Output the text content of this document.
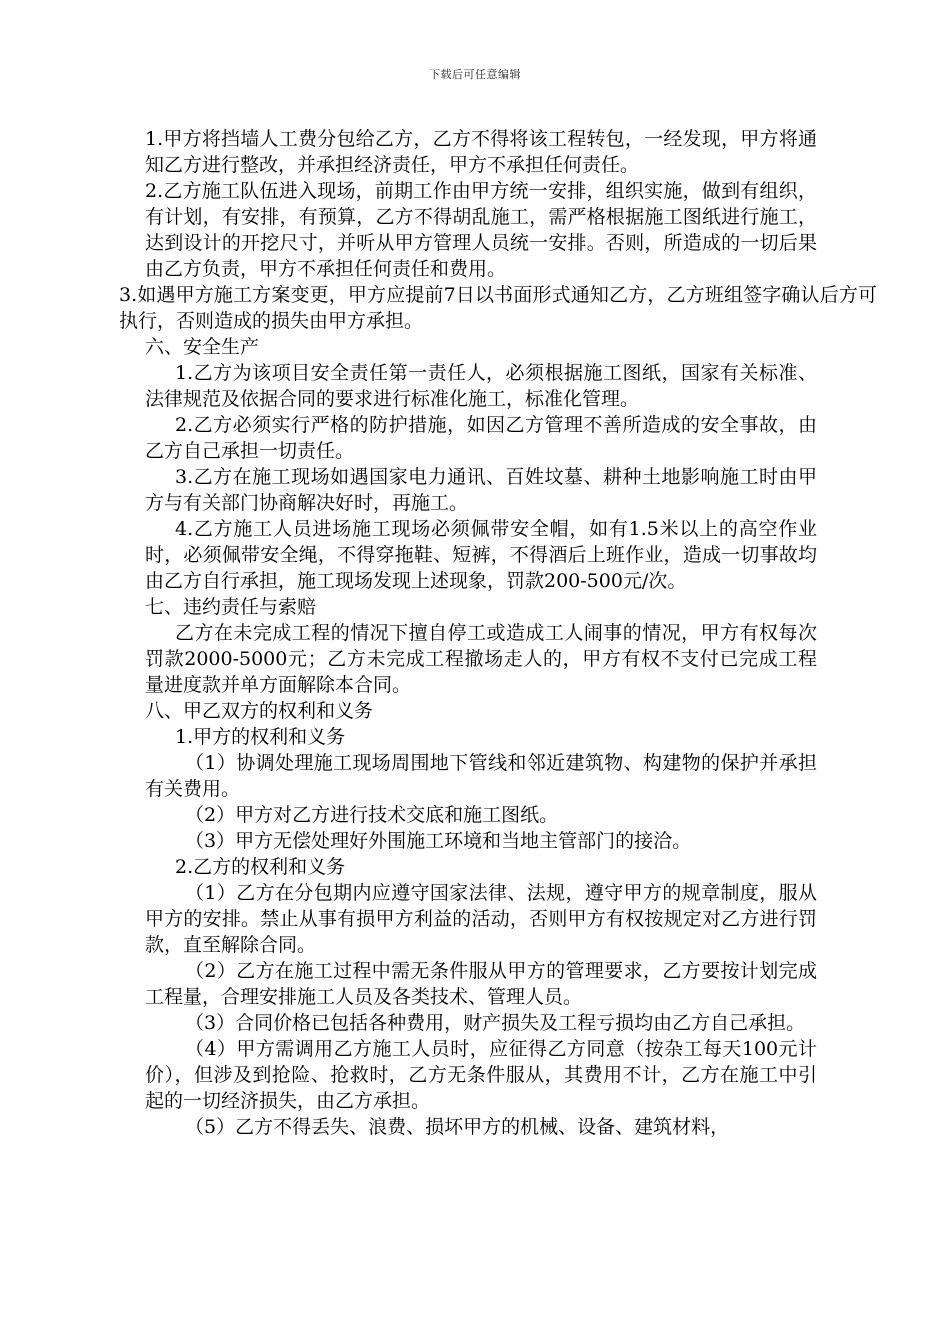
下载后可任意编辑

1.甲方将挡墙人工费分包给乙方，乙方不得将该工程转包，一经发现，甲方将通知乙方进行整改，并承担经济责任，甲方不承担任何责任。

2.乙方施工队伍进入现场，前期工作由甲方统一安排，组织实施，做到有组织，有计划，有安排，有预算，乙方不得胡乱施工，需严格根据施工图纸进行施工，达到设计的开挖尺寸，并听从甲方管理人员统一安排。否则，所造成的一切后果由乙方负责，甲方不承担任何责任和费用。

3.如遇甲方施工方案变更，甲方应提前7日以书面形式通知乙方，乙方班组签字确认后方可执行，否则造成的损失由甲方承担。

六、安全生产

1.乙方为该项目安全责任第一责任人，必须根据施工图纸，国家有关标准、法律规范及依据合同的要求进行标准化施工，标准化管理。

2.乙方必须实行严格的防护措施，如因乙方管理不善所造成的安全事故，由乙方自己承担一切责任。

3.乙方在施工现场如遇国家电力通讯、百姓坟墓、耕种土地影响施工时由甲方与有关部门协商解决好时，再施工。

4.乙方施工人员进场施工现场必须佩带安全帽，如有1.5米以上的高空作业时，必须佩带安全绳，不得穿拖鞋、短裤，不得酒后上班作业，造成一切事故均由乙方自行承担，施工现场发现上述现象，罚款200-500元/次。

七、违约责任与索赔

乙方在未完成工程的情况下擅自停工或造成工人闹事的情况，甲方有权每次罚款2000-5000元；乙方未完成工程撤场走人的，甲方有权不支付已完成工程量进度款并单方面解除本合同。

八、甲乙双方的权利和义务

1.甲方的权利和义务

（1）协调处理施工现场周围地下管线和邻近建筑物、构建物的保护并承担有关费用。

（2）甲方对乙方进行技术交底和施工图纸。

（3）甲方无偿处理好外围施工环境和当地主管部门的接洽。

2.乙方的权利和义务

（1）乙方在分包期内应遵守国家法律、法规，遵守甲方的规章制度，服从甲方的安排。禁止从事有损甲方利益的活动，否则甲方有权按规定对乙方进行罚款，直至解除合同。

（2）乙方在施工过程中需无条件服从甲方的管理要求，乙方要按计划完成工程量，合理安排施工人员及各类技术、管理人员。

（3）合同价格已包括各种费用，财产损失及工程亏损均由乙方自己承担。

（4）甲方需调用乙方施工人员时，应征得乙方同意（按杂工每天100元计价），但涉及到抢险、抢救时，乙方无条件服从，其费用不计，乙方在施工中引起的一切经济损失，由乙方承担。

（5）乙方不得丢失、浪费、损坏甲方的机械、设备、建筑材料，
